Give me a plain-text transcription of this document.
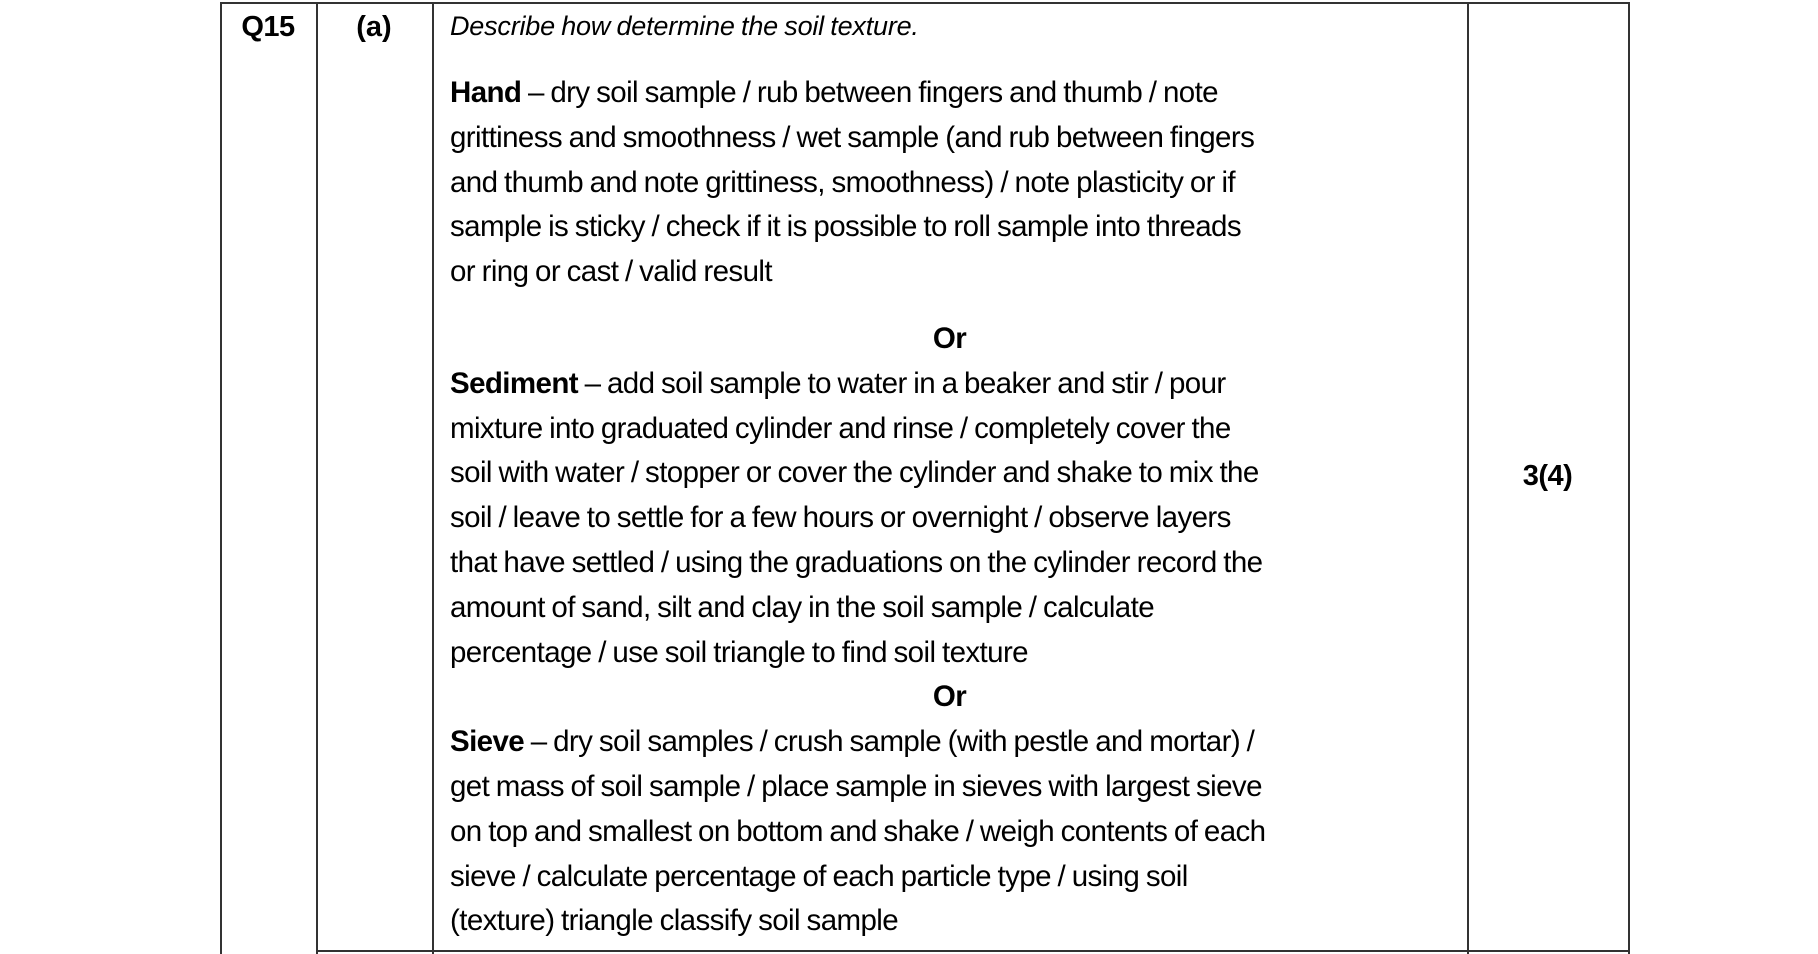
Q15	(a)	Describe how determine the soil texture.
Hand – dry soil sample / rub between fingers and thumb / note
grittiness and smoothness / wet sample (and rub between fingers
and thumb and note grittiness, smoothness) / note plasticity or if
sample is sticky / check if it is possible to roll sample into threads
or ring or cast / valid result
Or
Sediment – add soil sample to water in a beaker and stir / pour
mixture into graduated cylinder and rinse / completely cover the
soil with water / stopper or cover the cylinder and shake to mix the
soil / leave to settle for a few hours or overnight / observe layers
that have settled / using the graduations on the cylinder record the
amount of sand, silt and clay in the soil sample / calculate
percentage / use soil triangle to find soil texture
Or
Sieve – dry soil samples / crush sample (with pestle and mortar) /
get mass of soil sample / place sample in sieves with largest sieve
on top and smallest on bottom and shake / weigh contents of each
sieve / calculate percentage of each particle type / using soil
(texture) triangle classify soil sample
3(4)
